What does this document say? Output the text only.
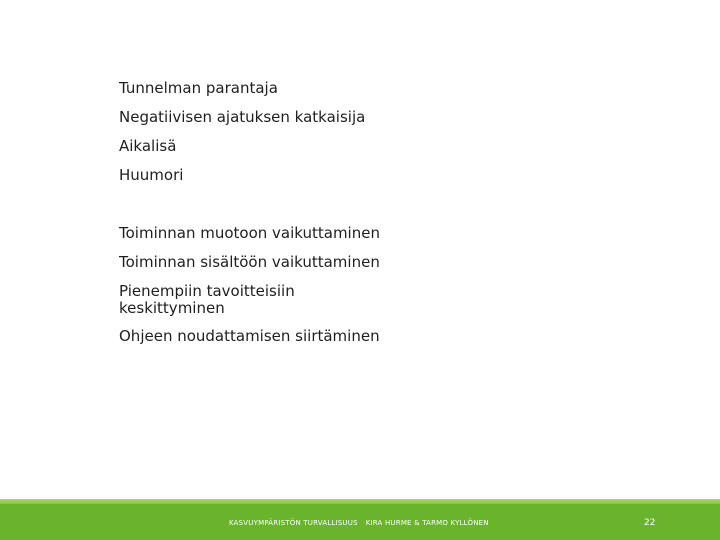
Tunnelman parantaja
Negatiivisen ajatuksen katkaisija
Aikalisä
Huumori
Toiminnan muotoon vaikuttaminen
Toiminnan sisältöön vaikuttaminen
Pienempiin tavoitteisiin keskittyminen
Ohjeen noudattamisen siirtäminen
KASVUYMPÄRISTÖN TURVALLISUUS KIRA HURME & TARMO KYLLÖNEN	22
